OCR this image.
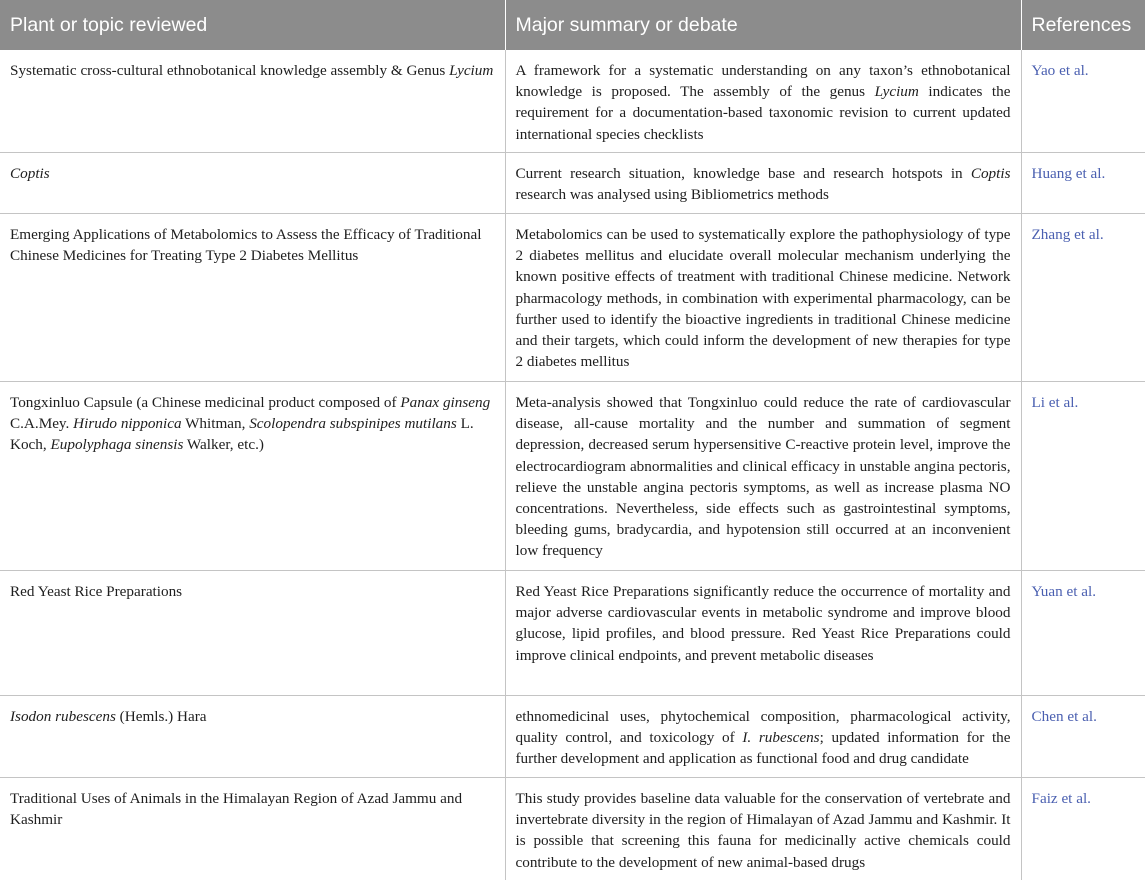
Plant or topic reviewed	Major summary or debate	References
Systematic cross-cultural ethnobotanical knowledge assembly & Genus Lycium	A framework for a systematic understanding on any taxon’s ethnobotanical knowledge is proposed. The assembly of the genus Lycium indicates the requirement for a documentation-based taxonomic revision to current updated international species checklists	Yao et al.
Coptis	Current research situation, knowledge base and research hotspots in Coptis research was analysed using Bibliometrics methods	Huang et al.
Emerging Applications of Metabolomics to Assess the Efficacy of Traditional Chinese Medicines for Treating Type 2 Diabetes Mellitus	Metabolomics can be used to systematically explore the pathophysiology of type 2 diabetes mellitus and elucidate overall molecular mechanism underlying the known positive effects of treatment with traditional Chinese medicine. Network pharmacology methods, in combination with experimental pharmacology, can be further used to identify the bioactive ingredients in traditional Chinese medicine and their targets, which could inform the development of new therapies for type 2 diabetes mellitus	Zhang et al.
Tongxinluo Capsule (a Chinese medicinal product composed of Panax ginseng C.A.Mey. Hirudo nipponica Whitman, Scolopendra subspinipes mutilans L. Koch, Eupolyphaga sinensis Walker, etc.)	Meta-analysis showed that Tongxinluo could reduce the rate of cardiovascular disease, all-cause mortality and the number and summation of segment depression, decreased serum hypersensitive C-reactive protein level, improve the electrocardiogram abnormalities and clinical efficacy in unstable angina pectoris, relieve the unstable angina pectoris symptoms, as well as increase plasma NO concentrations. Nevertheless, side effects such as gastrointestinal symptoms, bleeding gums, bradycardia, and hypotension still occurred at an inconvenient low frequency	Li et al.
Red Yeast Rice Preparations	Red Yeast Rice Preparations significantly reduce the occurrence of mortality and major adverse cardiovascular events in metabolic syndrome and improve blood glucose, lipid profiles, and blood pressure. Red Yeast Rice Preparations could improve clinical endpoints, and prevent metabolic diseases	Yuan et al.
Isodon rubescens (Hemls.) Hara	ethnomedicinal uses, phytochemical composition, pharmacological activity, quality control, and toxicology of I. rubescens; updated information for the further development and application as functional food and drug candidate	Chen et al.
Traditional Uses of Animals in the Himalayan Region of Azad Jammu and Kashmir	This study provides baseline data valuable for the conservation of vertebrate and invertebrate diversity in the region of Himalayan of Azad Jammu and Kashmir. It is possible that screening this fauna for medicinally active chemicals could contribute to the development of new animal-based drugs	Faiz et al.
